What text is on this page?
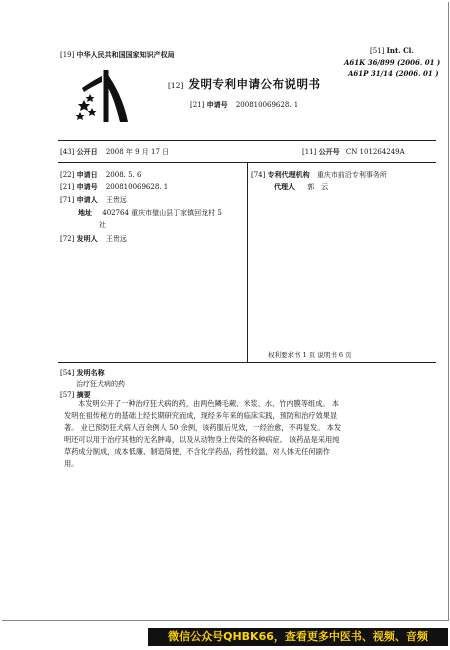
[19] 中华人民共和国国家知识产权局	[51] Int. Cl.
A61K 36/899 (2006. 01 )
A61P 31/14 (2006. 01 )
[12] 发明专利申请公布说明书
[21] 申请号 200810069628. 1
[43] 公开日 2008 年 9 月 17 日	[11] 公开号 CN 101264249A
[22] 申请日 2008. 5. 6
[21] 申请号 200810069628. 1
[71] 申请人 王贵远
地址 402764 重庆市璧山县丁家镇回龙村 5
社
[72] 发明人 王贵远
[74] 专利代理机构 重庆市前沿专利事务所
代理人 郭　云
权利要求书 1 页 说明书 6 页
[54] 发明名称
治疗狂犬病的药
[57] 摘要
本发明公开了一种治疗狂犬病的药，由两色鳞毛蕨、米浆、水、竹内膜等组成。 本发明在祖传秘方的基础上经长期研究而成，现经多年来的临床实践，预防和治疗效果显著。 业已预防狂犬病人百余例人 50 余例，该药服后见效，一经治愈，不再复发。 本发明还可以用于治疗其他的无名肿毒，以及从动物身上传染的各种病症。 该药品是采用纯草药成分制成，成本低廉、制造简便，不含化学药品，药性较温，对人体无任何副作用。
微信公众号QHBK66，查看更多中医书、视频、音频
